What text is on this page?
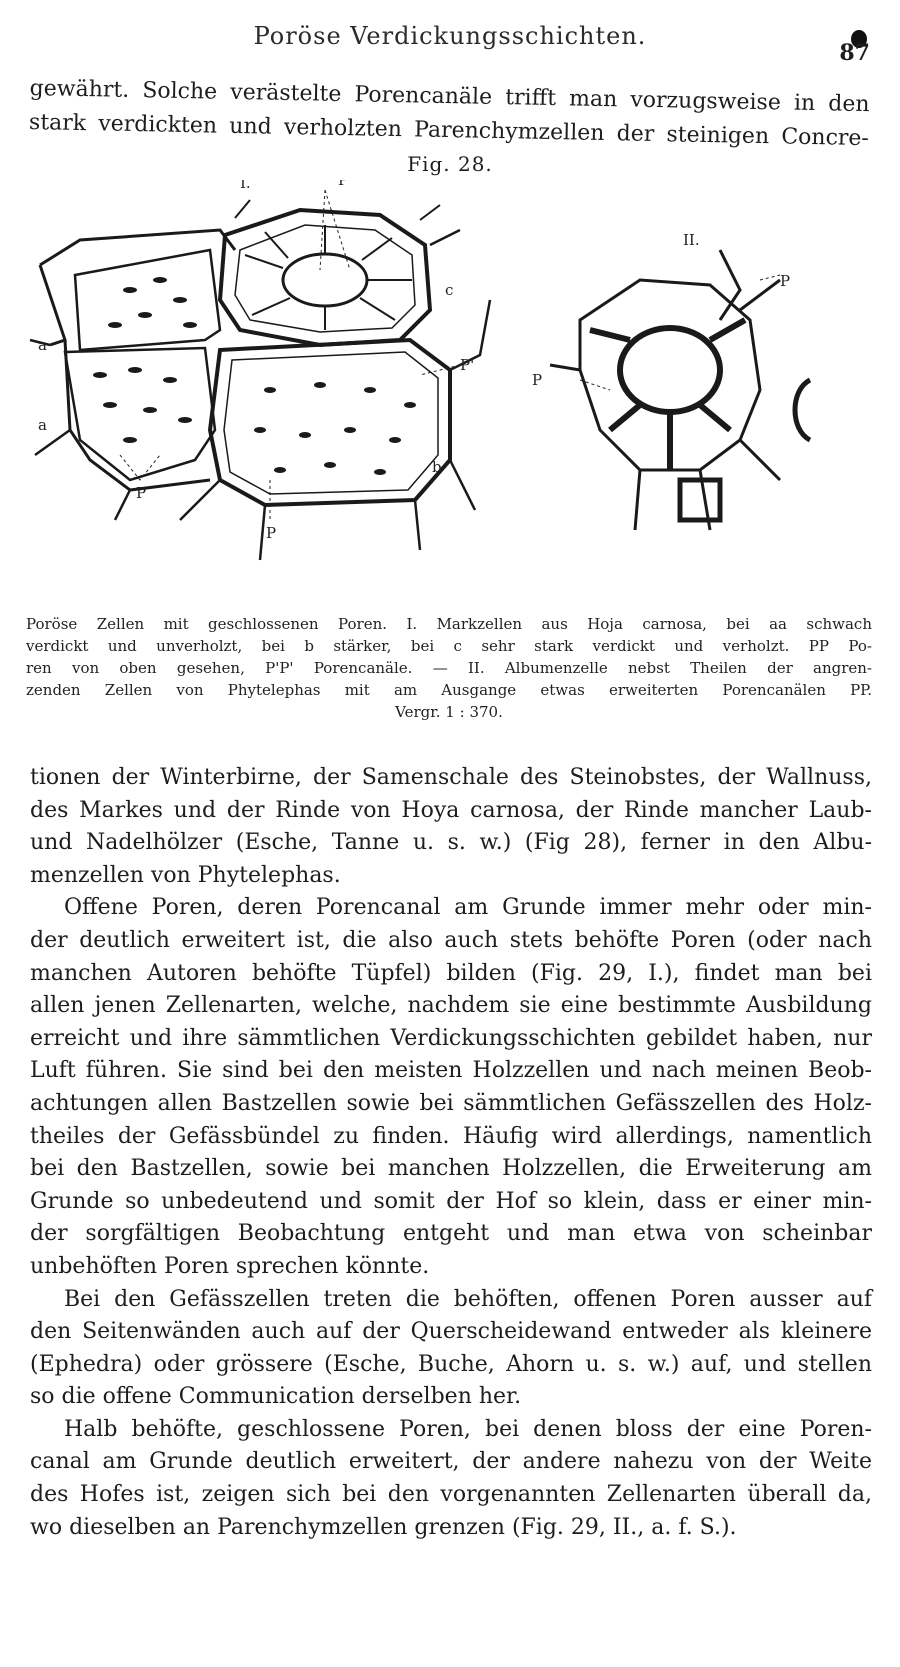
Poröse Verdickungsschichten.
87
gewährt. Solche verästelte Porencanäle trifft man vorzugsweise in den
stark verdickten und verholzten Parenchymzellen der steinigen Concre-
Fig. 28.
I.	P'
II.
c
a
a
P'
b
P
P
P
P
Poröse Zellen mit geschlossenen Poren. I. Markzellen aus Hoja carnosa, bei aa schwach
verdickt und unverholzt, bei b stärker, bei c sehr stark verdickt und verholzt. PP Po-
ren von oben gesehen, P'P' Porencanäle. — II. Albumenzelle nebst Theilen der angren-
zenden Zellen von Phytelephas mit am Ausgange etwas erweiterten Porencanälen PP.
Vergr. 1 : 370.
tionen der Winterbirne, der Samenschale des Steinobstes, der Wallnuss,
des Markes und der Rinde von Hoya carnosa, der Rinde mancher Laub-
und Nadelhölzer (Esche, Tanne u. s. w.) (Fig 28), ferner in den Albu-
menzellen von Phytelephas.
Offene Poren, deren Porencanal am Grunde immer mehr oder min-
der deutlich erweitert ist, die also auch stets behöfte Poren (oder nach
manchen Autoren behöfte Tüpfel) bilden (Fig. 29, I.), findet man bei
allen jenen Zellenarten, welche, nachdem sie eine bestimmte Ausbildung
erreicht und ihre sämmtlichen Verdickungsschichten gebildet haben, nur
Luft führen. Sie sind bei den meisten Holzzellen und nach meinen Beob-
achtungen allen Bastzellen sowie bei sämmtlichen Gefässzellen des Holz-
theiles der Gefässbündel zu finden. Häufig wird allerdings, namentlich
bei den Bastzellen, sowie bei manchen Holzzellen, die Erweiterung am
Grunde so unbedeutend und somit der Hof so klein, dass er einer min-
der sorgfältigen Beobachtung entgeht und man etwa von scheinbar
unbehöften Poren sprechen könnte.
Bei den Gefässzellen treten die behöften, offenen Poren ausser auf
den Seitenwänden auch auf der Querscheidewand entweder als kleinere
(Ephedra) oder grössere (Esche, Buche, Ahorn u. s. w.) auf, und stellen
so die offene Communication derselben her.
Halb behöfte, geschlossene Poren, bei denen bloss der eine Poren-
canal am Grunde deutlich erweitert, der andere nahezu von der Weite
des Hofes ist, zeigen sich bei den vorgenannten Zellenarten überall da,
wo dieselben an Parenchymzellen grenzen (Fig. 29, II., a. f. S.).
